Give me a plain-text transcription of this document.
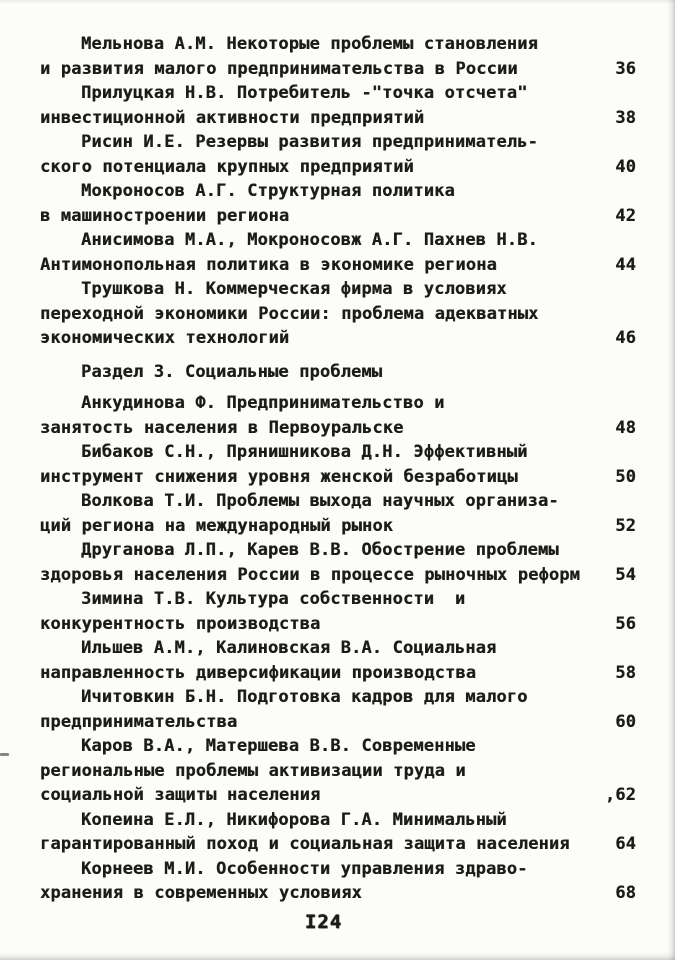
Мельнова А.М. Некоторые проблемы становления
и развития малого предпринимательства в России	36
Прилуцкая Н.В. Потребитель -"точка отсчета"
инвестиционной активности предприятий	38
Рисин И.Е. Резервы развития предприниматель-
ского потенциала крупных предприятий	40
Мокроносов А.Г. Структурная политика
в машиностроении региона	42
Анисимова М.А., Мокроносовж А.Г. Пахнев Н.В.
Антимонопольная политика в экономике региона	44
Трушкова Н. Коммерческая фирма в условиях
переходной экономики России: проблема адекватных
экономических технологий	46
Раздел 3. Социальные проблемы
Анкудинова Ф. Предпринимательство и
занятость населения в Первоуральске	48
Бибаков С.Н., Прянишникова Д.Н. Эффективный
инструмент снижения уровня женской безработицы	50
Волкова Т.И. Проблемы выхода научных организа-
ций региона на международный рынок	52
Друганова Л.П., Карев В.В. Обострение проблемы
здоровья населения России в процессе рыночных реформ 54
Зимина Т.В. Культура собственности  и
конкурентность производства	56
Ильшев А.М., Калиновская В.А. Социальная
направленность диверсификации производства	58
Ичитовкин Б.Н. Подготовка кадров для малого
предпринимательства	60
Каров В.А., Матершева В.В. Современные
региональные проблемы активизации труда и
социальной защиты населения	,62
Копеина Е.Л., Никифорова Г.А. Минимальный
гарантированный поход и социальная защита населения	64
Корнеев М.И. Особенности управления здраво-
хранения в современных условиях	68
I24
